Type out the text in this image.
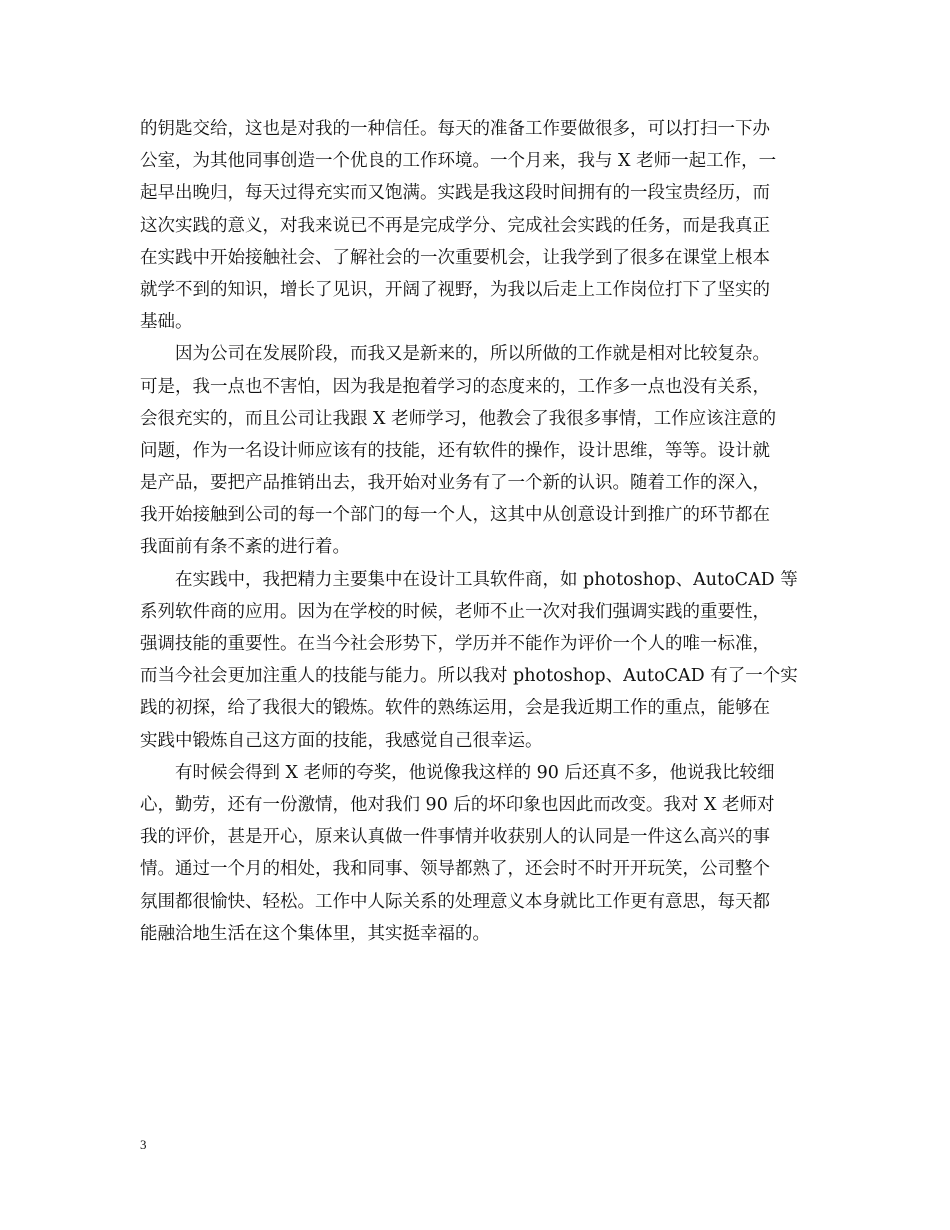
的钥匙交给，这也是对我的一种信任。每天的准备工作要做很多，可以打扫一下办
公室，为其他同事创造一个优良的工作环境。一个月来，我与 X 老师一起工作，一
起早出晚归，每天过得充实而又饱满。实践是我这段时间拥有的一段宝贵经历，而
这次实践的意义，对我来说已不再是完成学分、完成社会实践的任务，而是我真正
在实践中开始接触社会、了解社会的一次重要机会，让我学到了很多在课堂上根本
就学不到的知识，增长了见识，开阔了视野，为我以后走上工作岗位打下了坚实的
基础。
因为公司在发展阶段，而我又是新来的，所以所做的工作就是相对比较复杂。
可是，我一点也不害怕，因为我是抱着学习的态度来的，工作多一点也没有关系，
会很充实的，而且公司让我跟 X 老师学习，他教会了我很多事情，工作应该注意的
问题，作为一名设计师应该有的技能，还有软件的操作，设计思维，等等。设计就
是产品，要把产品推销出去，我开始对业务有了一个新的认识。随着工作的深入，
我开始接触到公司的每一个部门的每一个人，这其中从创意设计到推广的环节都在
我面前有条不紊的进行着。
在实践中，我把精力主要集中在设计工具软件商，如 photoshop、AutoCAD 等
系列软件商的应用。因为在学校的时候，老师不止一次对我们强调实践的重要性，
强调技能的重要性。在当今社会形势下，学历并不能作为评价一个人的唯一标准，
而当今社会更加注重人的技能与能力。所以我对 photoshop、AutoCAD 有了一个实
践的初探，给了我很大的锻炼。软件的熟练运用，会是我近期工作的重点，能够在
实践中锻炼自己这方面的技能，我感觉自己很幸运。
有时候会得到 X 老师的夸奖，他说像我这样的 90 后还真不多，他说我比较细
心，勤劳，还有一份激情，他对我们 90 后的坏印象也因此而改变。我对 X 老师对
我的评价，甚是开心，原来认真做一件事情并收获别人的认同是一件这么高兴的事
情。通过一个月的相处，我和同事、领导都熟了，还会时不时开开玩笑，公司整个
氛围都很愉快、轻松。工作中人际关系的处理意义本身就比工作更有意思，每天都
能融洽地生活在这个集体里，其实挺幸福的。
3
